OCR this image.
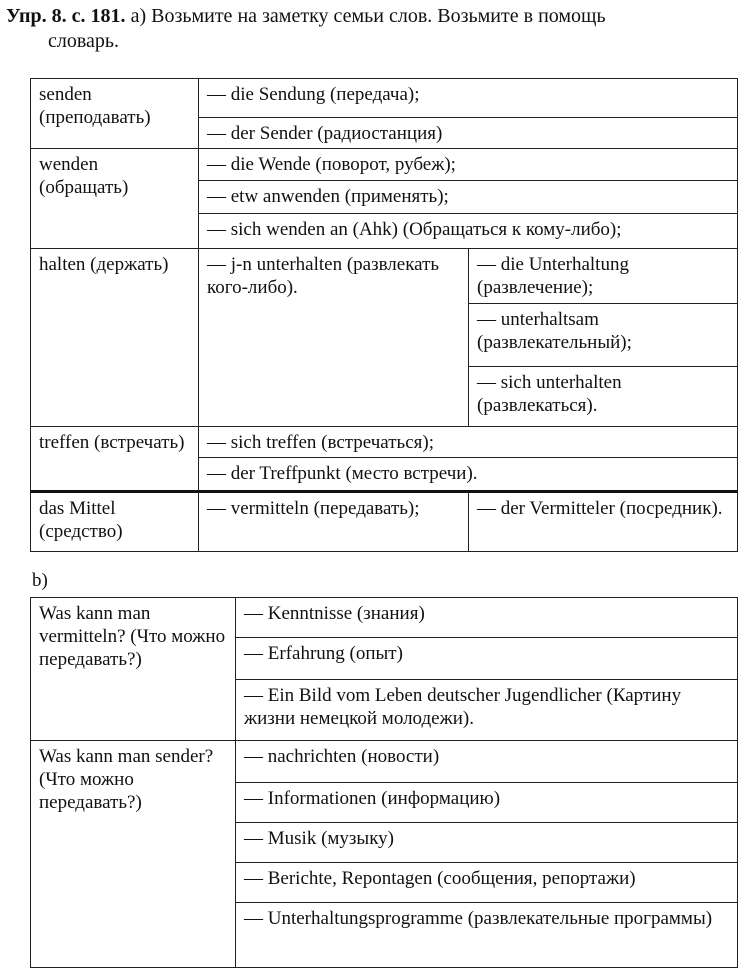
Упр. 8. с. 181. а) Возьмите на заметку семьи слов. Возьмите в помощь
словарь.
senden (преподавать)	— die Sendung (передача);	
	— der Sender (радиостанция)	
wenden (обращать)	— die Wende (поворот, рубеж);	
	— etw anwenden (применять);	
	— sich wenden an (Ahk) (Обращаться к кому-либо);	
halten (держать)	— j-n unterhalten (развлекать кого-либо).	— die Unterhaltung (развлечение);
		— unterhaltsam (развлекательный);
		— sich unterhalten (развлекаться).
treffen (встречать)	— sich treffen (встречаться);	
	— der Treffpunkt (место встречи).	
das Mittel (средство)	— vermitteln (передавать);	— der Vermitteler (посредник).
b)
Was kann man vermitteln? (Что можно передавать?)	— Kenntnisse (знания)
	— Erfahrung (опыт)
	— Ein Bild vom Leben deutscher Jugendlicher (Картину жизни немецкой молодежи).
Was kann man sender? (Что можно передавать?)	— nachrichten (новости)
	— Informationen (информацию)
	— Musik (музыку)
	— Berichte, Repontagen (сообщения, репортажи)
	— Unterhaltungsprogramme (развлекательные программы)
